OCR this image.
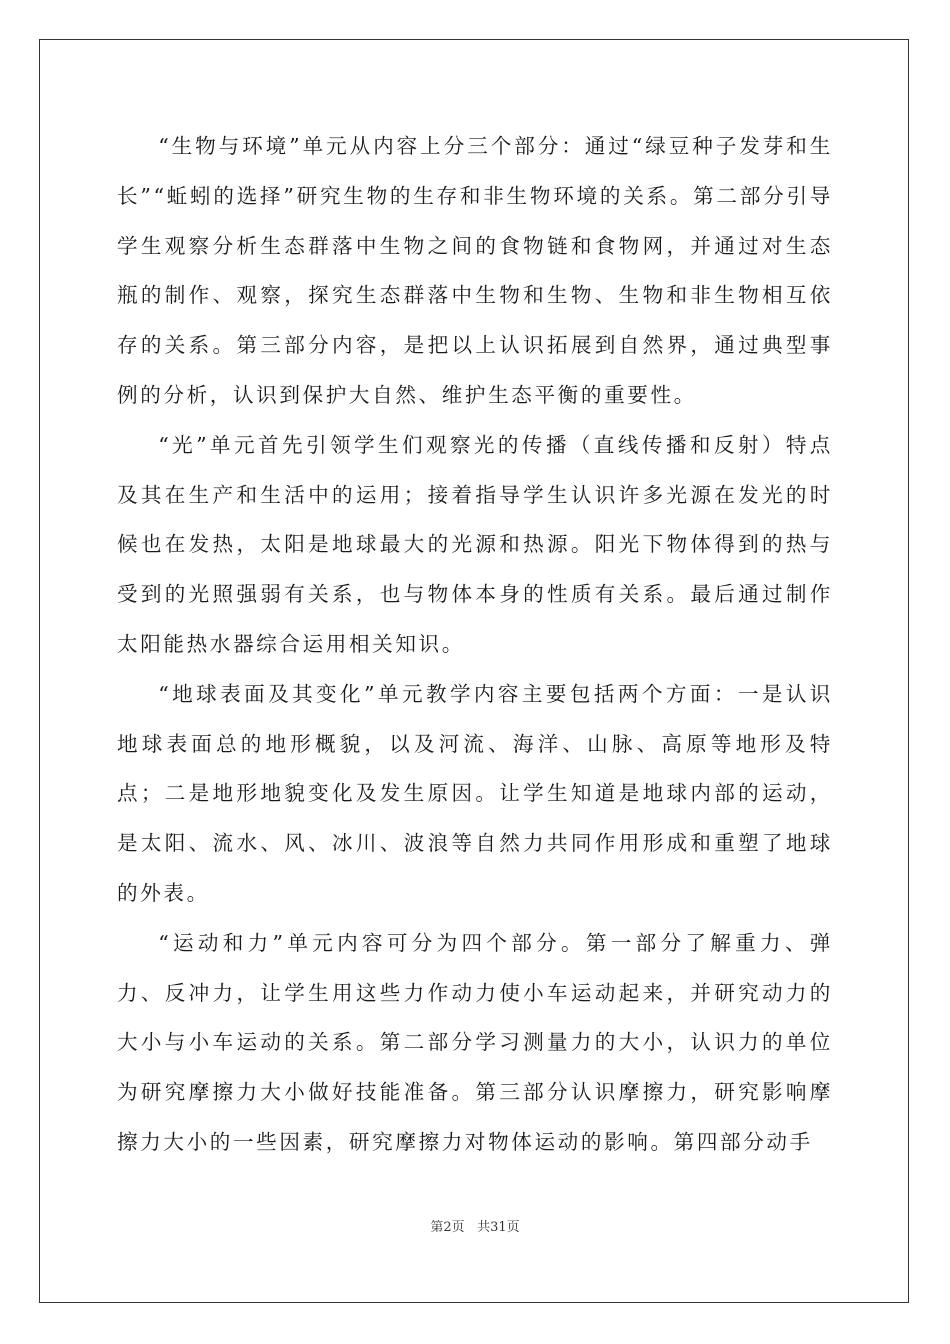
“生物与环境”单元从内容上分三个部分：通过“绿豆种子发芽和生长”“蚯蚓的选择”研究生物的生存和非生物环境的关系。第二部分引导学生观察分析生态群落中生物之间的食物链和食物网，并通过对生态瓶的制作、观察，探究生态群落中生物和生物、生物和非生物相互依存的关系。第三部分内容，是把以上认识拓展到自然界，通过典型事例的分析，认识到保护大自然、维护生态平衡的重要性。

“光”单元首先引领学生们观察光的传播（直线传播和反射）特点及其在生产和生活中的运用；接着指导学生认识许多光源在发光的时候也在发热，太阳是地球最大的光源和热源。阳光下物体得到的热与受到的光照强弱有关系，也与物体本身的性质有关系。最后通过制作太阳能热水器综合运用相关知识。

“地球表面及其变化”单元教学内容主要包括两个方面：一是认识地球表面总的地形概貌，以及河流、海洋、山脉、高原等地形及特点；二是地形地貌变化及发生原因。让学生知道是地球内部的运动，是太阳、流水、风、冰川、波浪等自然力共同作用形成和重塑了地球的外表。

“运动和力”单元内容可分为四个部分。第一部分了解重力、弹力、反冲力，让学生用这些力作动力使小车运动起来，并研究动力的大小与小车运动的关系。第二部分学习测量力的大小，认识力的单位为研究摩擦力大小做好技能准备。第三部分认识摩擦力，研究影响摩擦力大小的一些因素，研究摩擦力对物体运动的影响。第四部分动手

第2页 共31页
